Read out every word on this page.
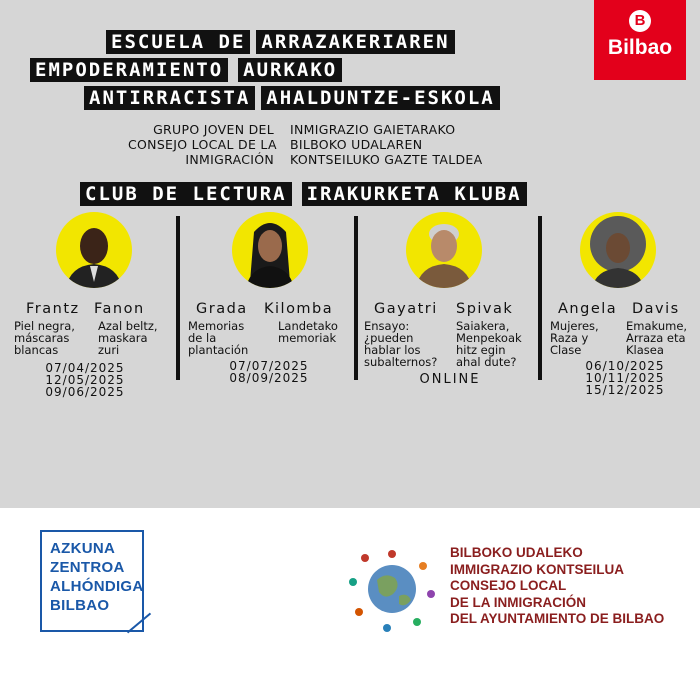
ESCUELA DE ARRAZAKERIAREN
EMPODERAMIENTO AURKAKO
ANTIRRACISTA AHALDUNTZE-ESKOLA
B
Bilbao
GRUPO JOVEN DEL
CONSEJO LOCAL DE LA
INMIGRACIÓN
INMIGRAZIO GAIETARAKO
BILBOKO UDALAREN
KONTSEILUKO GAZTE TALDEA
CLUB DE LECTURA IRAKURKETA KLUBA
Frantz Fanon
Piel negra,
máscaras
blancas
Azal beltz,
maskara
zuri
07/04/2025
12/05/2025
09/06/2025
Grada Kilomba
Memorias
de la
plantación
Landetako
memoriak
07/07/2025
08/09/2025
Gayatri Spivak
Ensayo:
¿pueden
hablar los
subalternos?
Saiakera,
Menpekoak
hitz egin
ahal dute?
ONLINE
Angela Davis
Mujeres,
Raza y
Clase
Emakume,
Arraza eta
Klasea
06/10/2025
10/11/2025
15/12/2025
AZKUNA
ZENTROA
ALHÓNDIGA
BILBAO
BILBOKO UDALEKO
IMMIGRAZIO KONTSEILUA
CONSEJO LOCAL
DE LA INMIGRACIÓN
DEL AYUNTAMIENTO DE BILBAO
